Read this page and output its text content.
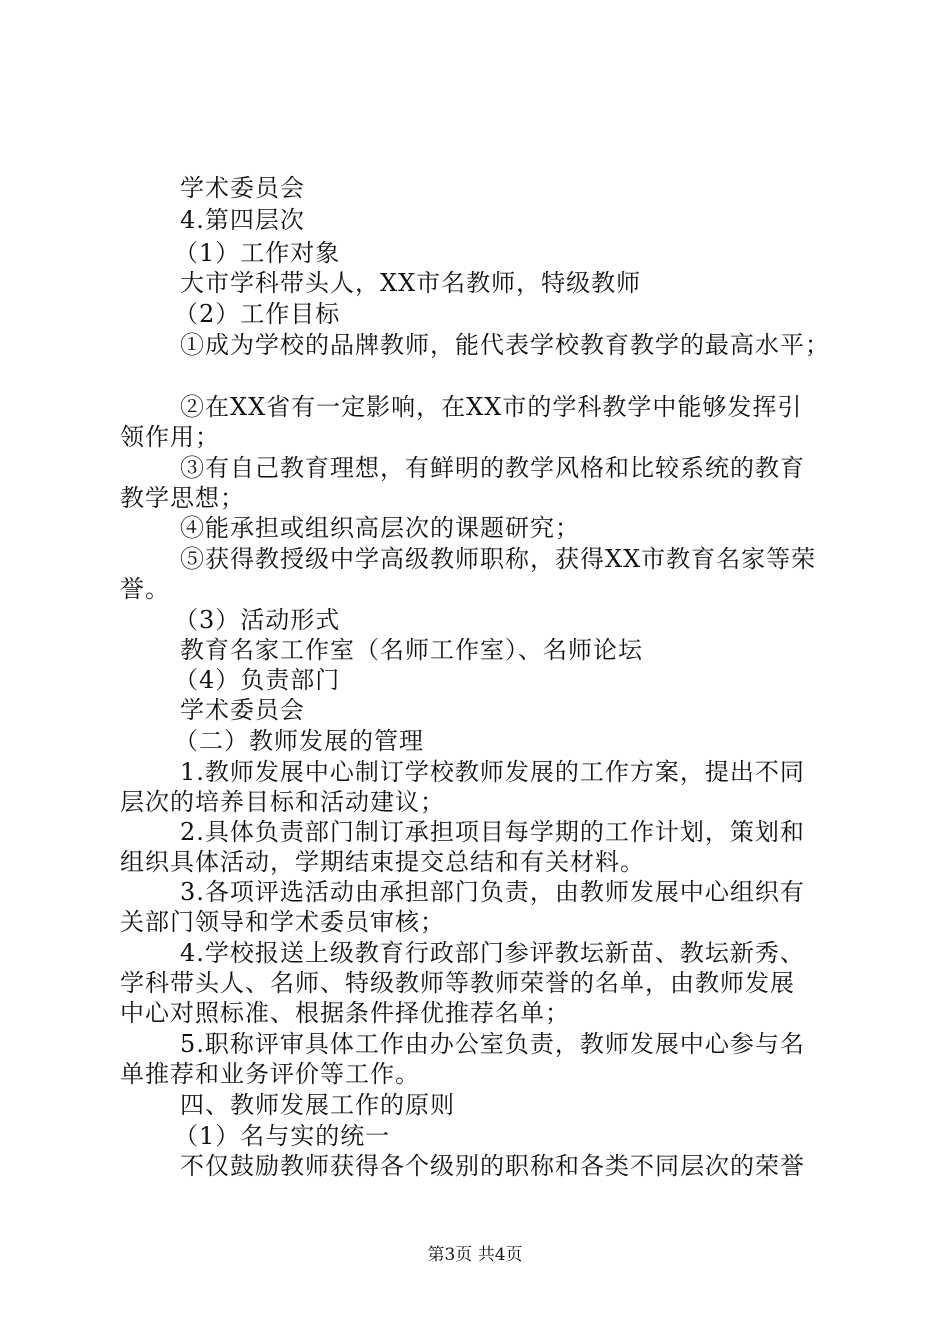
学术委员会
4.第四层次
（1）工作对象
大市学科带头人，XX市名教师，特级教师
（2）工作目标
①成为学校的品牌教师，能代表学校教育教学的最高水平；
②在XX省有一定影响，在XX市的学科教学中能够发挥引
领作用；
③有自己教育理想，有鲜明的教学风格和比较系统的教育
教学思想；
④能承担或组织高层次的课题研究；
⑤获得教授级中学高级教师职称，获得XX市教育名家等荣
誉。
（3）活动形式
教育名家工作室（名师工作室）、名师论坛
（4）负责部门
学术委员会
（二）教师发展的管理
1.教师发展中心制订学校教师发展的工作方案，提出不同
层次的培养目标和活动建议；
2.具体负责部门制订承担项目每学期的工作计划，策划和
组织具体活动，学期结束提交总结和有关材料。
3.各项评选活动由承担部门负责，由教师发展中心组织有
关部门领导和学术委员审核；
4.学校报送上级教育行政部门参评教坛新苗、教坛新秀、
学科带头人、名师、特级教师等教师荣誉的名单，由教师发展
中心对照标准、根据条件择优推荐名单；
5.职称评审具体工作由办公室负责，教师发展中心参与名
单推荐和业务评价等工作。
四、教师发展工作的原则
（1）名与实的统一
不仅鼓励教师获得各个级别的职称和各类不同层次的荣誉
第3页 共4页
